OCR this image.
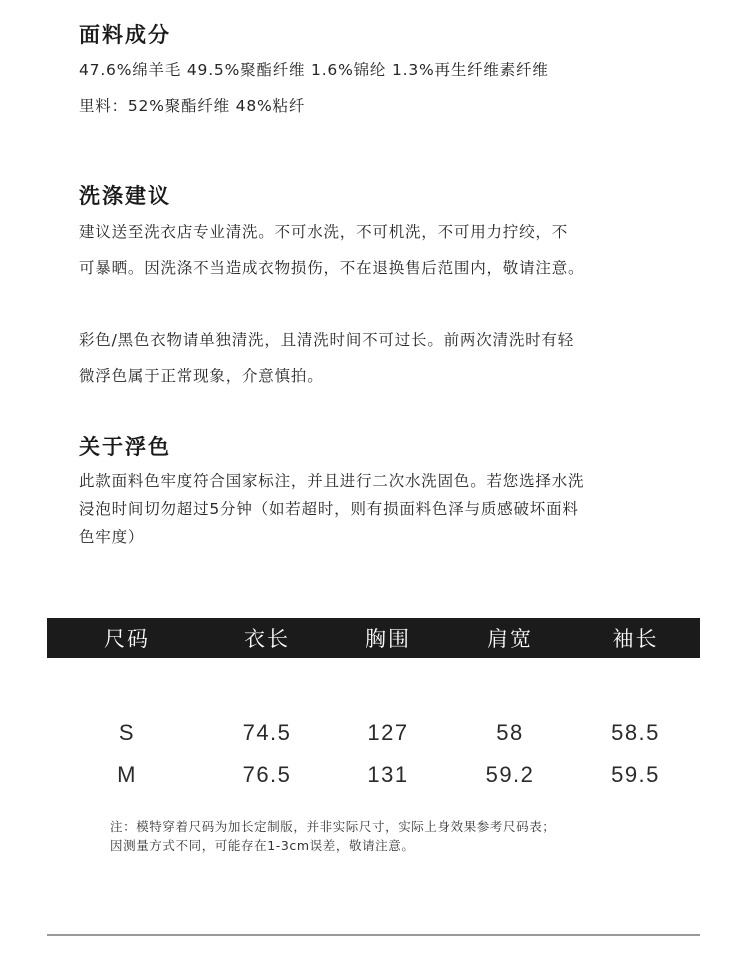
面料成分

47.6%绵羊毛 49.5%聚酯纤维 1.6%锦纶 1.3%再生纤维素纤维

里料：52%聚酯纤维 48%粘纤

洗涤建议

建议送至洗衣店专业清洗。不可水洗，不可机洗，不可用力拧绞，不

可暴晒。因洗涤不当造成衣物损伤，不在退换售后范围内，敬请注意。

彩色/黑色衣物请单独清洗，且清洗时间不可过长。前两次清洗时有轻

微浮色属于正常现象，介意慎拍。

关于浮色

此款面料色牢度符合国家标注，并且进行二次水洗固色。若您选择水洗

浸泡时间切勿超过5分钟（如若超时，则有损面料色泽与质感破坏面料

色牢度）

尺码	衣长	胸围	肩宽	袖长
S	74.5	127	58	58.5
M	76.5	131	59.2	59.5

注：模特穿着尺码为加长定制版，并非实际尺寸，实际上身效果参考尺码表；

因测量方式不同，可能存在1-3cm误差，敬请注意。
